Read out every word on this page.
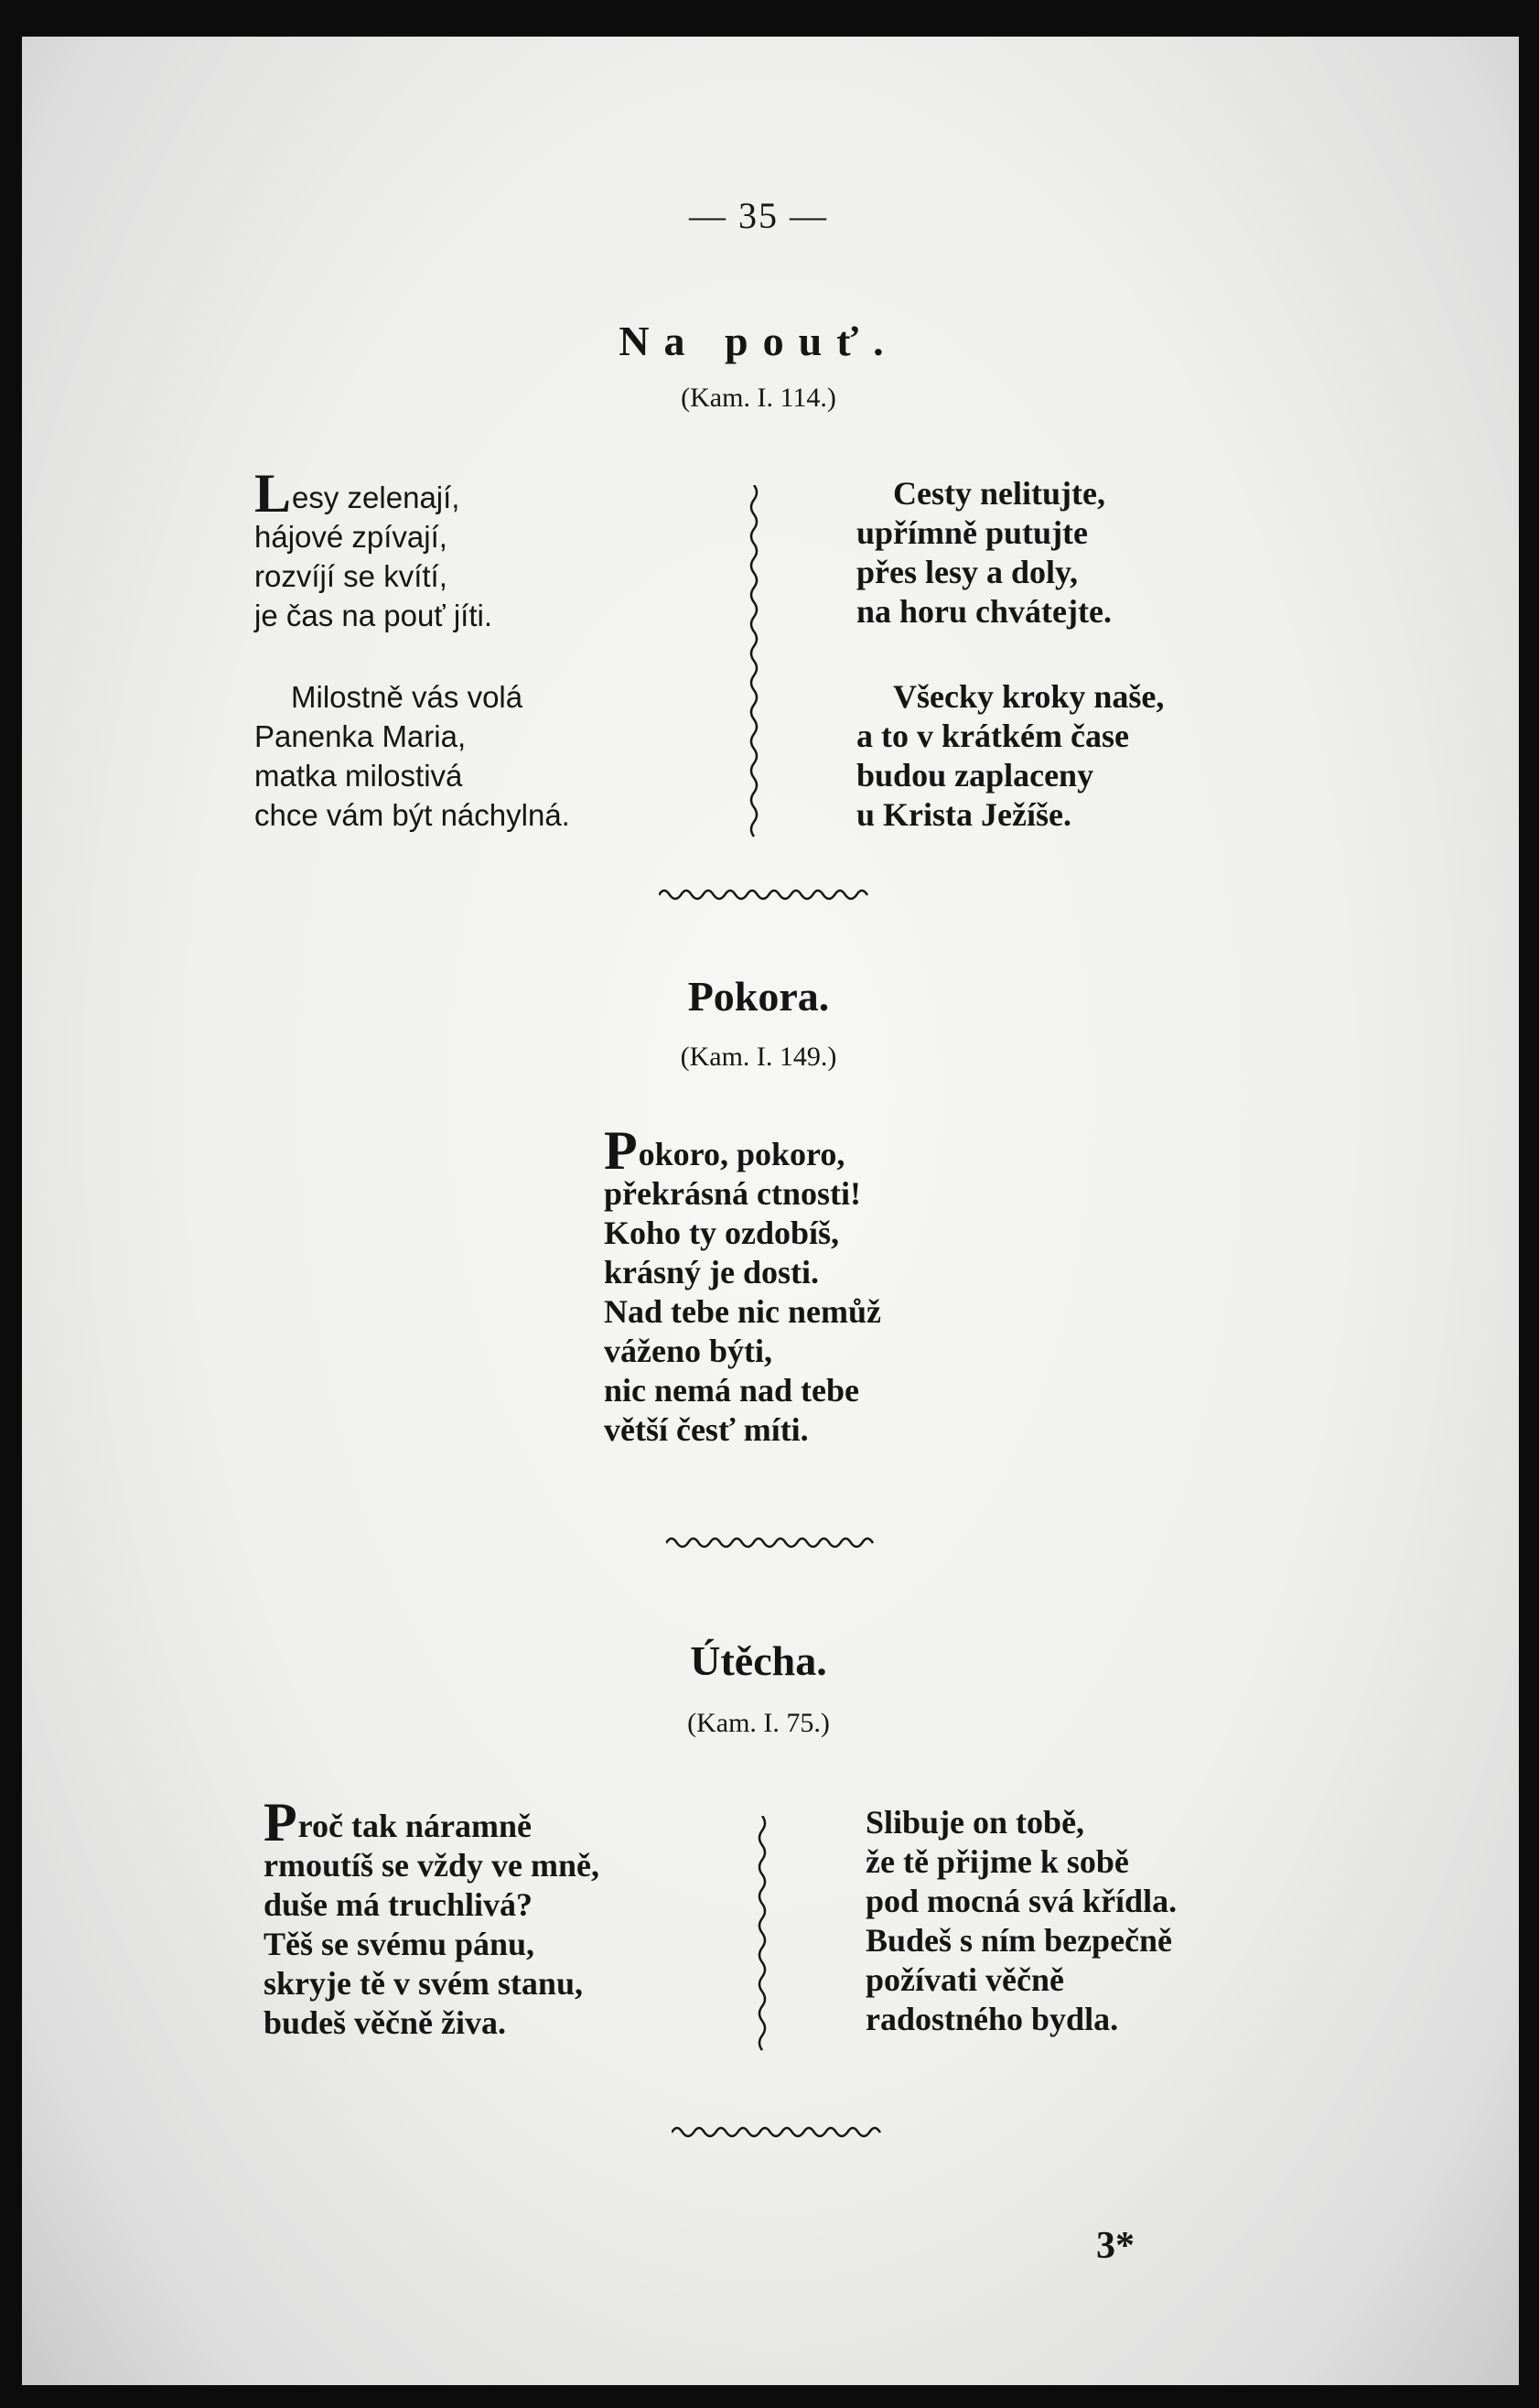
— 35 —
Na pouť.
(Kam. I. 114.)
Lesy zelenají,
hájové zpívají,
rozvíjí se kvítí,
je čas na pouť jíti.
Milostně vás volá
Panenka Maria,
matka milostivá
chce vám být náchylná.
Cesty nelitujte,
upřímně putujte
přes lesy a doly,
na horu chvátejte.
Všecky kroky naše,
a to v krátkém čase
budou zaplaceny
u Krista Ježíše.
Pokora.
(Kam. I. 149.)
Pokoro, pokoro,
překrásná ctnosti!
Koho ty ozdobíš,
krásný je dosti.
Nad tebe nic nemůž
váženo býti,
nic nemá nad tebe
větší česť míti.
Útěcha.
(Kam. I. 75.)
Proč tak náramně
rmoutíš se vždy ve mně,
duše má truchlivá?
Těš se svému pánu,
skryje tě v svém stanu,
budeš věčně živa.
Slibuje on tobě,
že tě přijme k sobě
pod mocná svá křídla.
Budeš s ním bezpečně
požívati věčně
radostného bydla.
3*
